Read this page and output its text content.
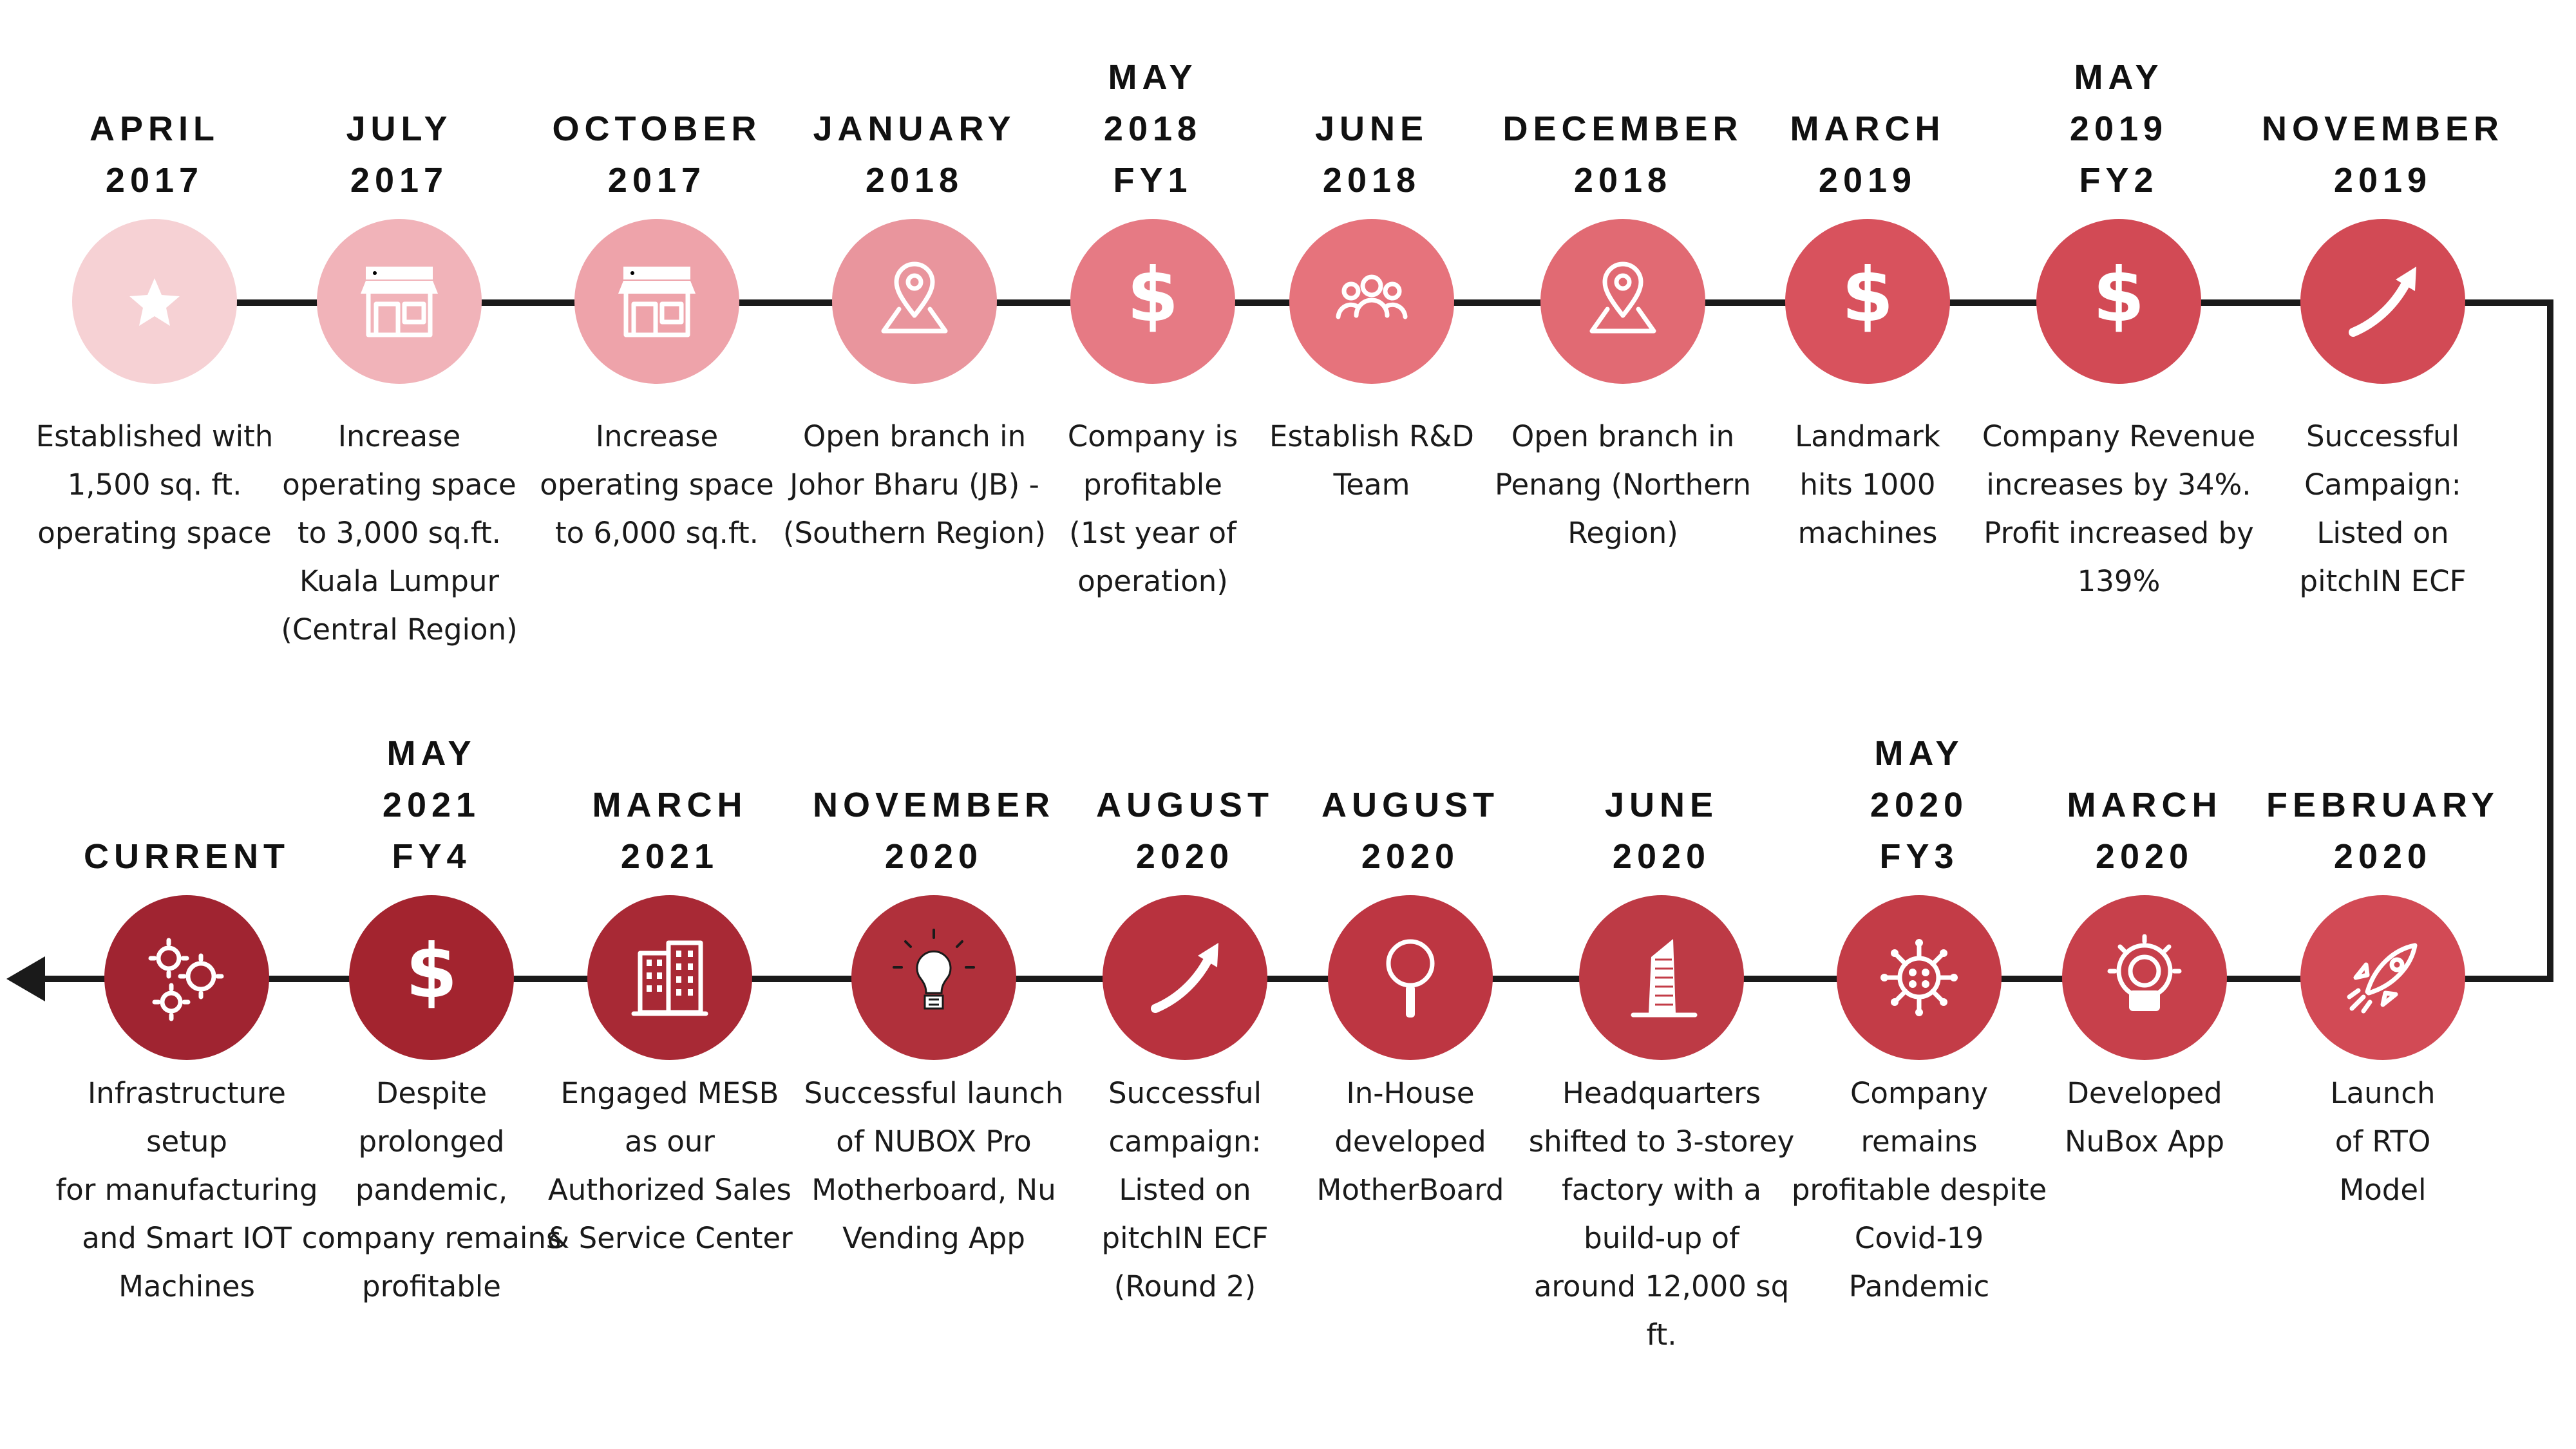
APRIL
2017
Established with
1,500 sq. ft.
operating space
JULY
2017
Increase
operating space
to 3,000 sq.ft.
Kuala Lumpur
(Central Region)
OCTOBER
2017
Increase
operating space
to 6,000 sq.ft.
JANUARY
2018
Open branch in
Johor Bharu (JB) -
(Southern Region)
MAY
2018
FY1
$
Company is
profitable
(1st year of
operation)
JUNE
2018
Establish R&D
Team
DECEMBER
2018
Open branch in
Penang (Northern
Region)
MARCH
2019
$
Landmark
hits 1000
machines
MAY
2019
FY2
$
Company Revenue
increases by 34%.
Profit increased by
139%
NOVEMBER
2019
Successful
Campaign:
Listed on
pitchIN ECF
FEBRUARY
2020
Launch
of RTO
Model
MARCH
2020
Developed
NuBox App
MAY
2020
FY3
Company
remains
profitable despite
Covid-19
Pandemic
JUNE
2020
Headquarters
shifted to 3-storey
factory with a
build-up of
around 12,000 sq
ft.
AUGUST
2020
In-House
developed
MotherBoard
AUGUST
2020
Successful
campaign:
Listed on
pitchIN ECF
(Round 2)
NOVEMBER
2020
Successful launch
of NUBOX Pro
Motherboard, Nu
Vending App
MARCH
2021
Engaged MESB
as our
Authorized Sales
& Service Center
MAY
2021
FY4
$
Despite
prolonged
pandemic,
company remains
profitable
CURRENT
Infrastructure setup
for manufacturing
and Smart IOT
Machines
